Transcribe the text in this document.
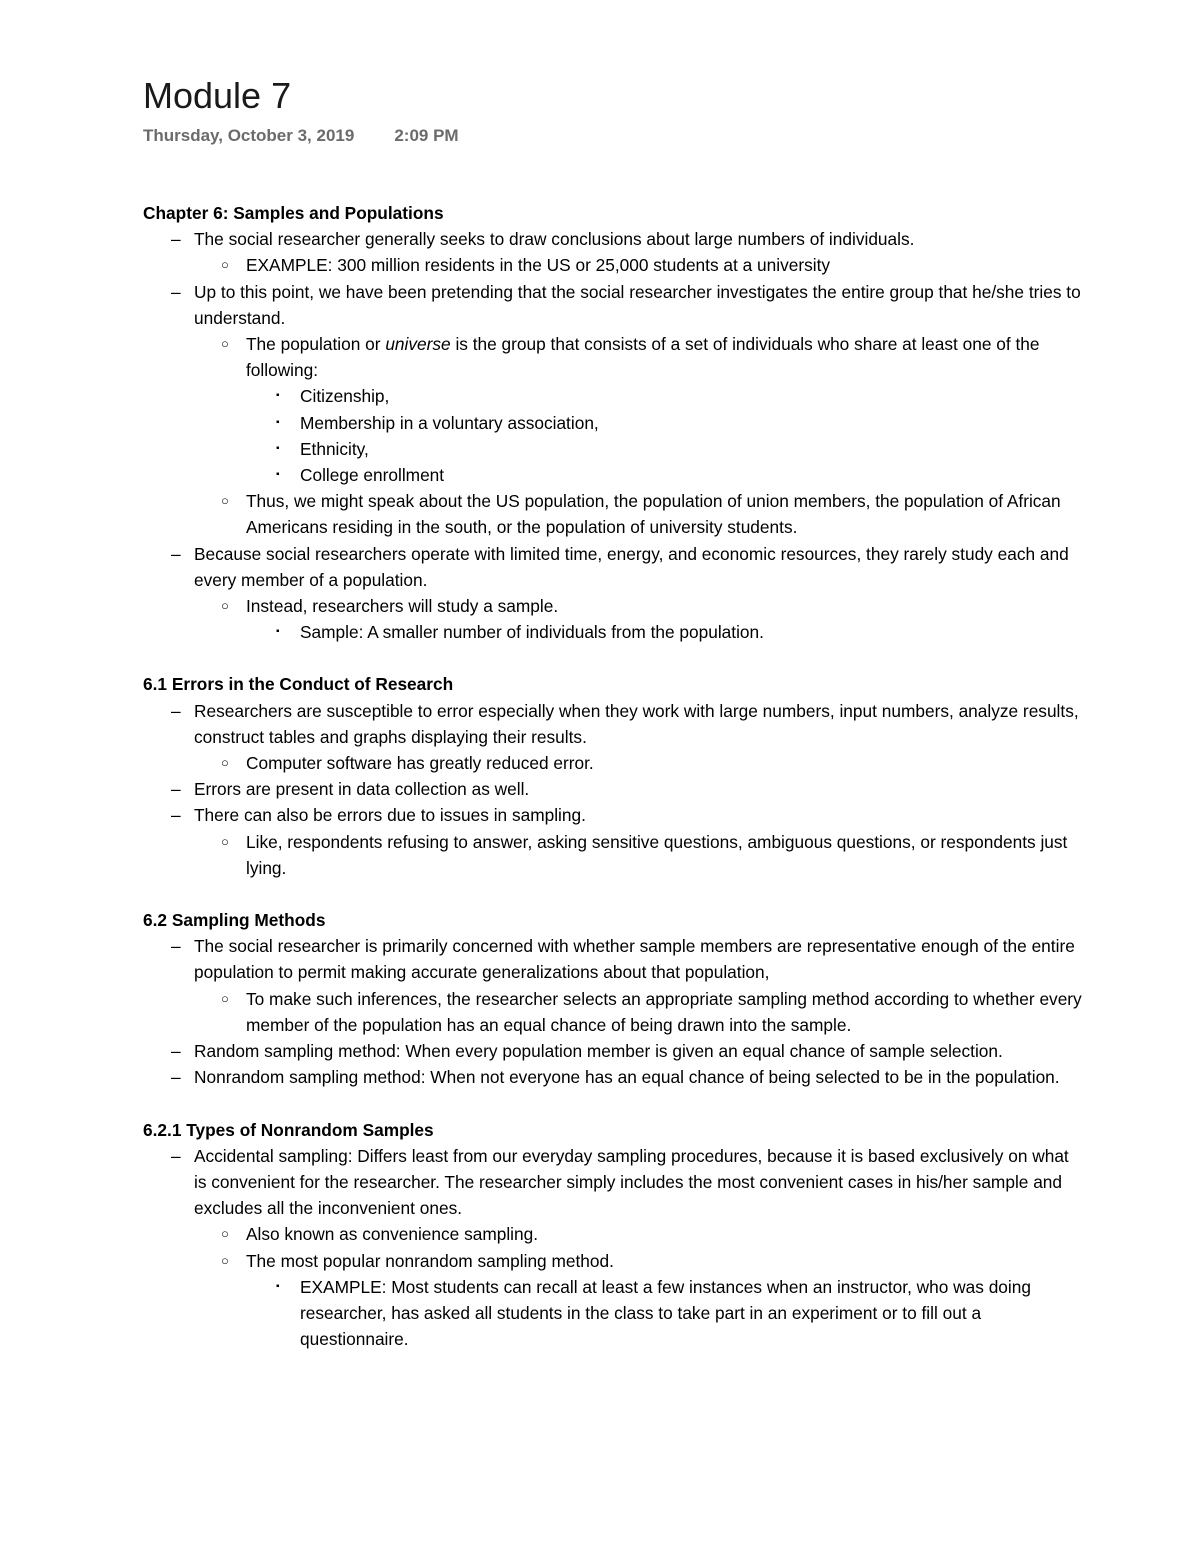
Module 7
Thursday, October 3, 2019 2:09 PM
Chapter 6: Samples and Populations
– The social researcher generally seeks to draw conclusions about large numbers of individuals.
○ EXAMPLE: 300 million residents in the US or 25,000 students at a university
– Up to this point, we have been pretending that the social researcher investigates the entire group that he/she tries to understand.
○ The population or universe is the group that consists of a set of individuals who share at least one of the following:
▪ Citizenship,
▪ Membership in a voluntary association,
▪ Ethnicity,
▪ College enrollment
○ Thus, we might speak about the US population, the population of union members, the population of African Americans residing in the south, or the population of university students.
– Because social researchers operate with limited time, energy, and economic resources, they rarely study each and every member of a population.
○ Instead, researchers will study a sample.
▪ Sample: A smaller number of individuals from the population.
6.1 Errors in the Conduct of Research
– Researchers are susceptible to error especially when they work with large numbers, input numbers, analyze results, construct tables and graphs displaying their results.
○ Computer software has greatly reduced error.
– Errors are present in data collection as well.
– There can also be errors due to issues in sampling.
○ Like, respondents refusing to answer, asking sensitive questions, ambiguous questions, or respondents just lying.
6.2 Sampling Methods
– The social researcher is primarily concerned with whether sample members are representative enough of the entire population to permit making accurate generalizations about that population,
○ To make such inferences, the researcher selects an appropriate sampling method according to whether every member of the population has an equal chance of being drawn into the sample.
– Random sampling method: When every population member is given an equal chance of sample selection.
– Nonrandom sampling method: When not everyone has an equal chance of being selected to be in the population.
6.2.1 Types of Nonrandom Samples
– Accidental sampling: Differs least from our everyday sampling procedures, because it is based exclusively on what is convenient for the researcher. The researcher simply includes the most convenient cases in his/her sample and excludes all the inconvenient ones.
○ Also known as convenience sampling.
○ The most popular nonrandom sampling method.
▪ EXAMPLE: Most students can recall at least a few instances when an instructor, who was doing researcher, has asked all students in the class to take part in an experiment or to fill out a questionnaire.
